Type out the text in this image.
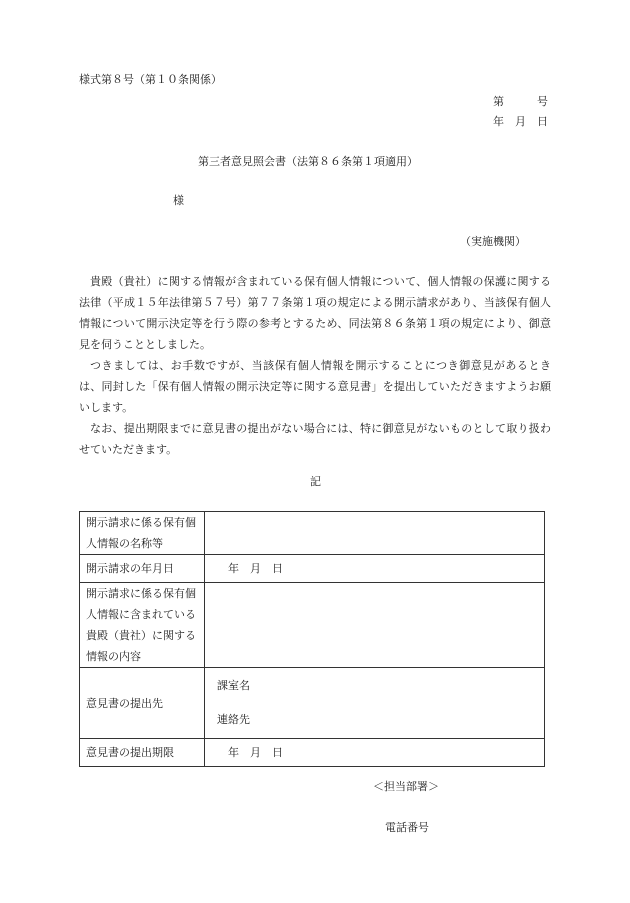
様式第８号（第１０条関係）
第　　　号
年　月　日
第三者意見照会書（法第８６条第１項適用）
様
（実施機関）

貴殿（貴社）に関する情報が含まれている保有個人情報について、個人情報の保護に関する法律（平成１５年法律第５７号）第７７条第１項の規定による開示請求があり、当該保有個人情報について開示決定等を行う際の参考とするため、同法第８６条第１項の規定により、御意見を伺うこととしました。

つきましては、お手数ですが、当該保有個人情報を開示することにつき御意見があるときは、同封した「保有個人情報の開示決定等に関する意見書」を提出していただきますようお願いします。

なお、提出期限までに意見書の提出がない場合には、特に御意見がないものとして取り扱わせていただきます。

記
開示請求に係る保有個人情報の名称等	
開示請求の年月日	年　月　日
開示請求に係る保有個人情報に含まれている貴殿（貴社）に関する情報の内容	
意見書の提出先	課室名
連絡先

意見書の提出期限	年　月　日
＜担当部署＞
電話番号
